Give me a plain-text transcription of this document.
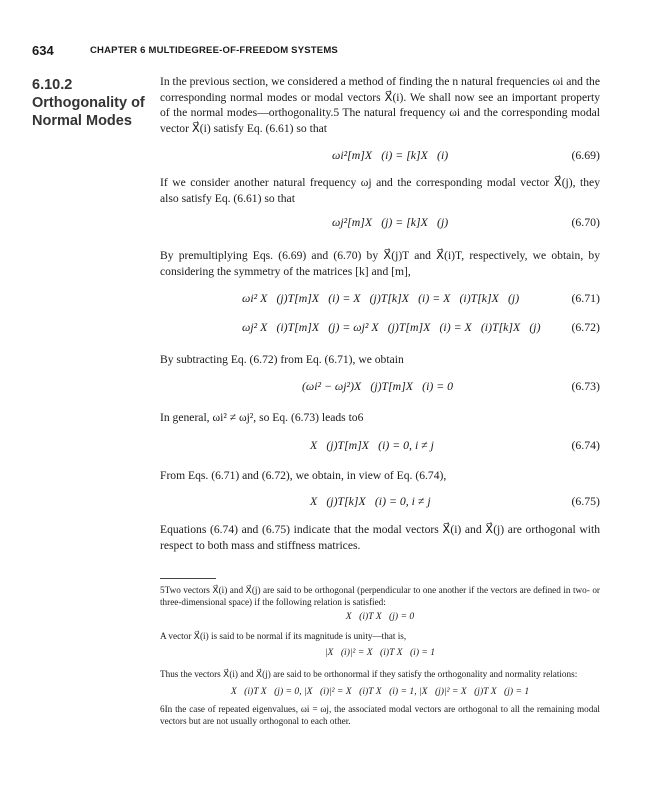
634	CHAPTER 6 MULTIDEGREE-OF-FREEDOM SYSTEMS
6.10.2
Orthogonality of
Normal Modes

In the previous section, we considered a method of finding the n natural frequencies ωi and the corresponding normal modes or modal vectors X⃗(i). We shall now see an important property of the normal modes—orthogonality.5 The natural frequency ωi and the corresponding modal vector X⃗(i) satisfy Eq. (6.61) so that

ωi²[m]X⃗(i) = [k]X⃗(i)	(6.69)

If we consider another natural frequency ωj and the corresponding modal vector X⃗(j), they also satisfy Eq. (6.61) so that

ωj²[m]X⃗(j) = [k]X⃗(j)	(6.70)

By premultiplying Eqs. (6.69) and (6.70) by X⃗(j)T and X⃗(i)T, respectively, we obtain, by considering the symmetry of the matrices [k] and [m],

ωi² X⃗(j)T[m]X⃗(i) = X⃗(j)T[k]X⃗(i) = X⃗(i)T[k]X⃗(j)	(6.71)
ωj² X⃗(i)T[m]X⃗(j) = ωj² X⃗(j)T[m]X⃗(i) = X⃗(i)T[k]X⃗(j)	(6.72)

By subtracting Eq. (6.72) from Eq. (6.71), we obtain

(ωi² − ωj²)X⃗(j)T[m]X⃗(i) = 0	(6.73)

In general, ωi² ≠ ωj², so Eq. (6.73) leads to6

X⃗(j)T[m]X⃗(i) = 0, i ≠ j	(6.74)

From Eqs. (6.71) and (6.72), we obtain, in view of Eq. (6.74),

X⃗(j)T[k]X⃗(i) = 0, i ≠ j	(6.75)

Equations (6.74) and (6.75) indicate that the modal vectors X⃗(i) and X⃗(j) are orthogonal with respect to both mass and stiffness matrices.

5Two vectors X⃗(i) and X⃗(j) are said to be orthogonal (perpendicular to one another if the vectors are defined in two- or three-dimensional space) if the following relation is satisfied:
X⃗(i)T X⃗(j) = 0
A vector X⃗(i) is said to be normal if its magnitude is unity—that is,
|X⃗(i)|² = X⃗(i)T X⃗(i) = 1
Thus the vectors X⃗(i) and X⃗(j) are said to be orthonormal if they satisfy the orthogonality and normality relations:
X⃗(i)T X⃗(j) = 0, |X⃗(i)|² = X⃗(i)T X⃗(i) = 1, |X⃗(j)|² = X⃗(j)T X⃗(j) = 1
6In the case of repeated eigenvalues, ωi = ωj, the associated modal vectors are orthogonal to all the remaining modal vectors but are not usually orthogonal to each other.
